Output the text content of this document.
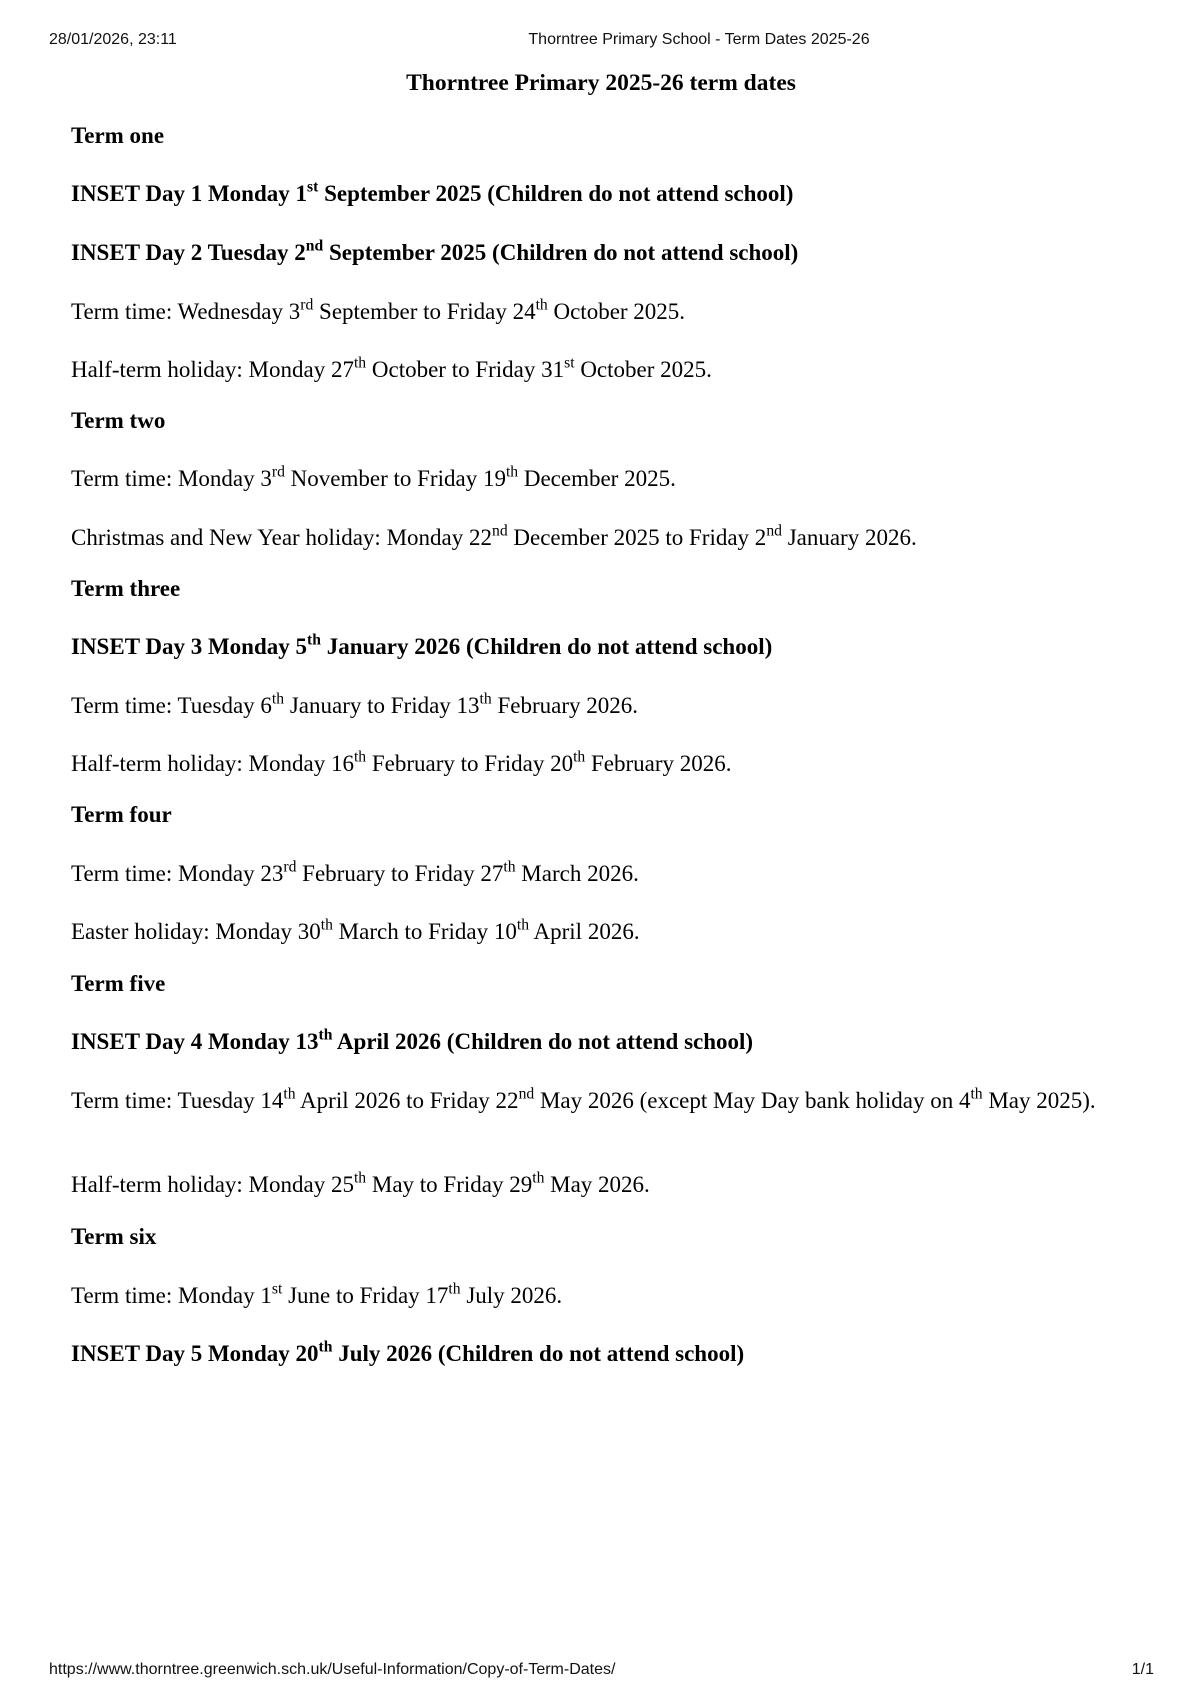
28/01/2026, 23:11	Thorntree Primary School - Term Dates 2025-26
Thorntree Primary 2025-26 term dates

Term one

INSET Day 1 Monday 1st September 2025 (Children do not attend school)

INSET Day 2 Tuesday 2nd September 2025 (Children do not attend school)

Term time: Wednesday 3rd September to Friday 24th October 2025.

Half-term holiday: Monday 27th October to Friday 31st October 2025.

Term two

Term time: Monday 3rd November to Friday 19th December 2025.

Christmas and New Year holiday: Monday 22nd December 2025 to Friday 2nd January 2026.

Term three

INSET Day 3 Monday 5th January 2026 (Children do not attend school)

Term time: Tuesday 6th January to Friday 13th February 2026.

Half-term holiday: Monday 16th February to Friday 20th February 2026.

Term four

Term time: Monday 23rd February to Friday 27th March 2026.

Easter holiday: Monday 30th March to Friday 10th April 2026.

Term five

INSET Day 4 Monday 13th April 2026 (Children do not attend school)

Term time: Tuesday 14th April 2026 to Friday 22nd May 2026 (except May Day bank holiday on 4th May 2025).

Half-term holiday: Monday 25th May to Friday 29th May 2026.

Term six

Term time: Monday 1st June to Friday 17th July 2026.

INSET Day 5 Monday 20th July 2026 (Children do not attend school)

https://www.thorntree.greenwich.sch.uk/Useful-Information/Copy-of-Term-Dates/	1/1
